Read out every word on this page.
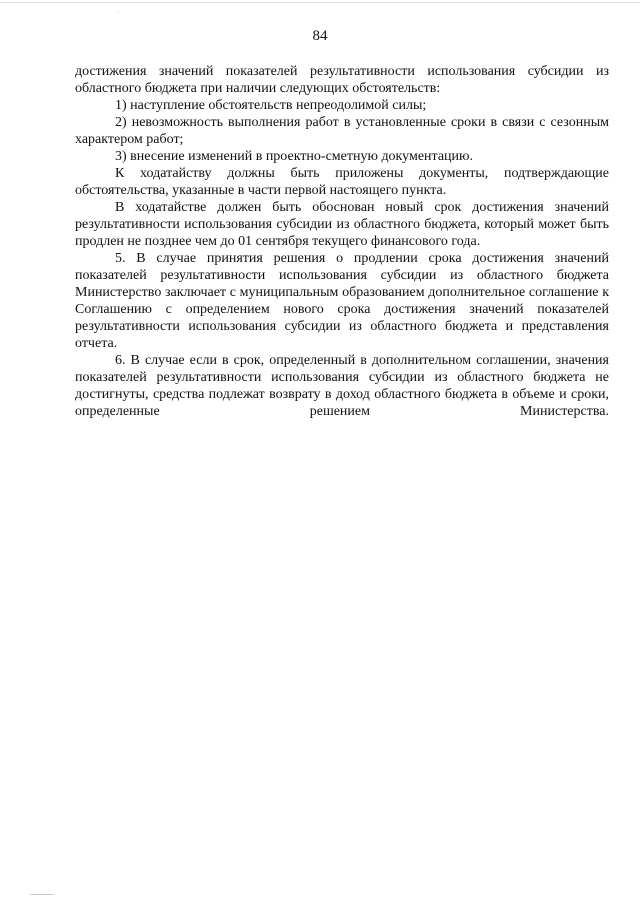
84

достижения значений показателей результативности использования субсидии из областного бюджета при наличии следующих обстоятельств:

1) наступление обстоятельств непреодолимой силы;

2) невозможность выполнения работ в установленные сроки в связи с сезонным характером работ;

3) внесение изменений в проектно-сметную документацию.

К ходатайству должны быть приложены документы, подтверждающие обстоятельства, указанные в части первой настоящего пункта.

В ходатайстве должен быть обоснован новый срок достижения значений результативности использования субсидии из областного бюджета, который может быть продлен не позднее чем до 01 сентября текущего финансового года.

5. В случае принятия решения о продлении срока достижения значений показателей результативности использования субсидии из областного бюджета Министерство заключает с муниципальным образованием дополнительное соглашение к Соглашению с определением нового срока достижения значений показателей результативности использования субсидии из областного бюджета и представления отчета.

6. В случае если в срок, определенный в дополнительном соглашении, значения показателей результативности использования субсидии из областного бюджета не достигнуты, средства подлежат возврату в доход областного бюджета в объеме и сроки, определенные решением Министерства.
